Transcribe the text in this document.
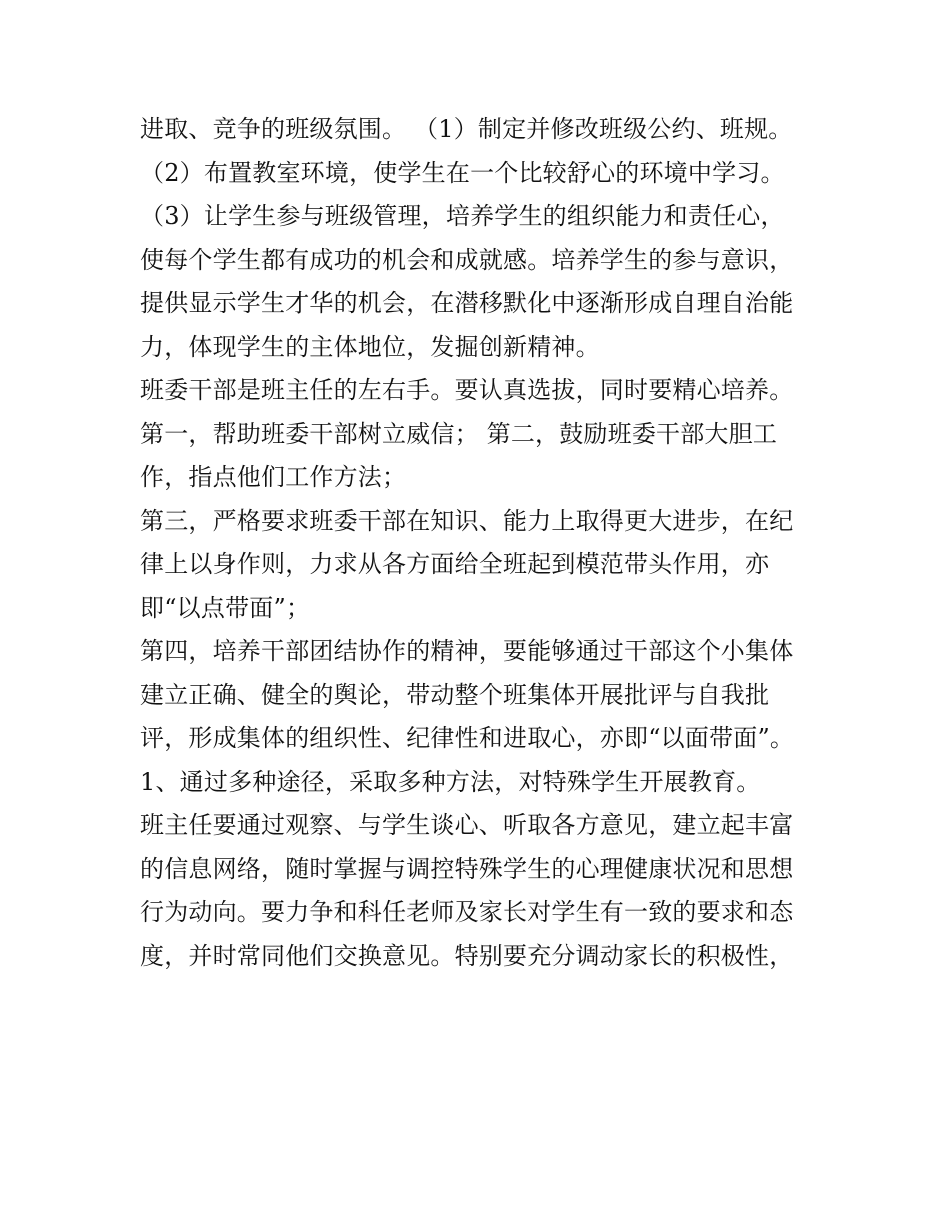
进取、竞争的班级氛围。 （1）制定并修改班级公约、班规。
（2）布置教室环境，使学生在一个比较舒心的环境中学习。
（3）让学生参与班级管理，培养学生的组织能力和责任心，
使每个学生都有成功的机会和成就感。培养学生的参与意识，
提供显示学生才华的机会，在潜移默化中逐渐形成自理自治能
力，体现学生的主体地位，发掘创新精神。
班委干部是班主任的左右手。要认真选拔，同时要精心培养。
第一，帮助班委干部树立威信； 第二，鼓励班委干部大胆工
作，指点他们工作方法；
第三，严格要求班委干部在知识、能力上取得更大进步，在纪
律上以身作则，力求从各方面给全班起到模范带头作用，亦
即“以点带面”；
第四，培养干部团结协作的精神，要能够通过干部这个小集体
建立正确、健全的舆论，带动整个班集体开展批评与自我批
评，形成集体的组织性、纪律性和进取心，亦即“以面带面”。
1、通过多种途径，采取多种方法，对特殊学生开展教育。
班主任要通过观察、与学生谈心、听取各方意见，建立起丰富
的信息网络，随时掌握与调控特殊学生的心理健康状况和思想
行为动向。要力争和科任老师及家长对学生有一致的要求和态
度，并时常同他们交换意见。特别要充分调动家长的积极性，
